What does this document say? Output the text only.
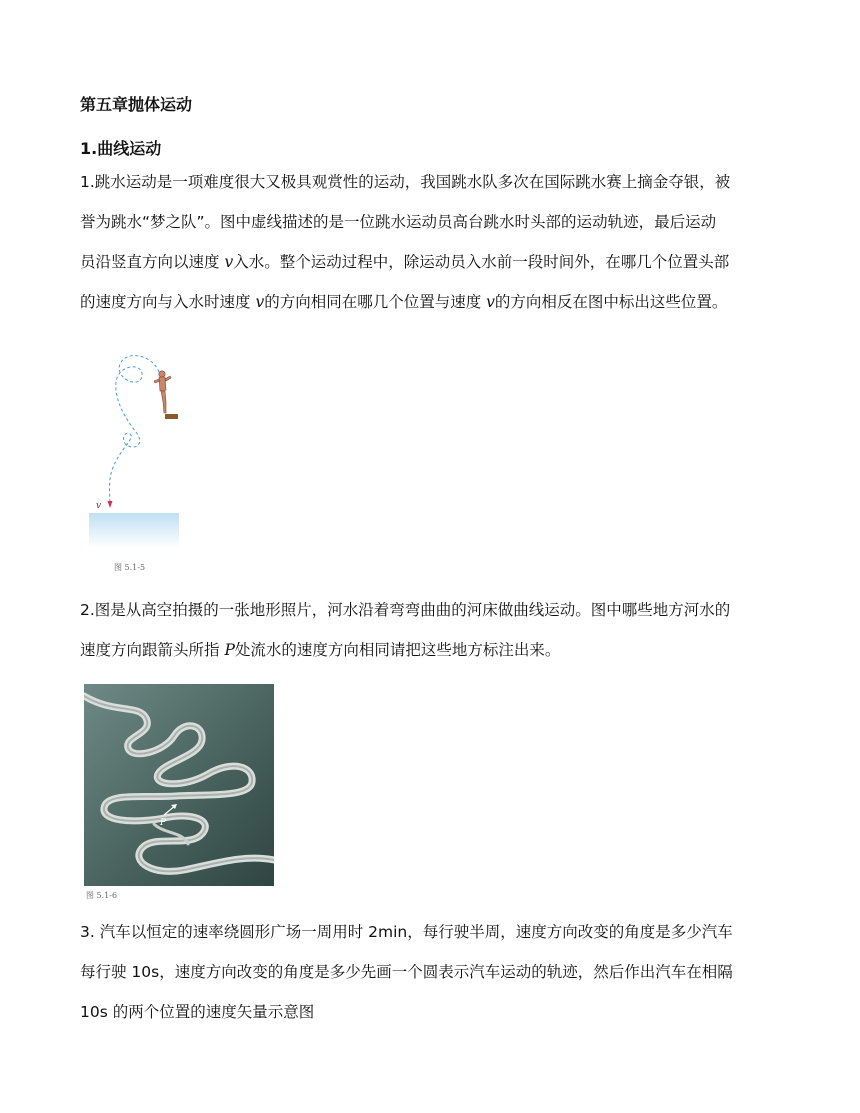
第五章抛体运动
1.曲线运动
1.跳水运动是一项难度很大又极具观赏性的运动，我国跳水队多次在国际跳水赛上摘金夺银，被
誉为跳水“梦之队”。图中虚线描述的是一位跳水运动员高台跳水时头部的运动轨迹，最后运动
员沿竖直方向以速度 v入水。整个运动过程中，除运动员入水前一段时间外，在哪几个位置头部
的速度方向与入水时速度 v的方向相同在哪几个位置与速度 v的方向相反在图中标出这些位置。
v
图 5.1-5
2.图是从高空拍摄的一张地形照片，河水沿着弯弯曲曲的河床做曲线运动。图中哪些地方河水的
速度方向跟箭头所指 P处流水的速度方向相同请把这些地方标注出来。
P
图 5.1-6
3. 汽车以恒定的速率绕圆形广场一周用时 2min，每行驶半周，速度方向改变的角度是多少汽车
每行驶 10s，速度方向改变的角度是多少先画一个圆表示汽车运动的轨迹，然后作出汽车在相隔
10s 的两个位置的速度矢量示意图
